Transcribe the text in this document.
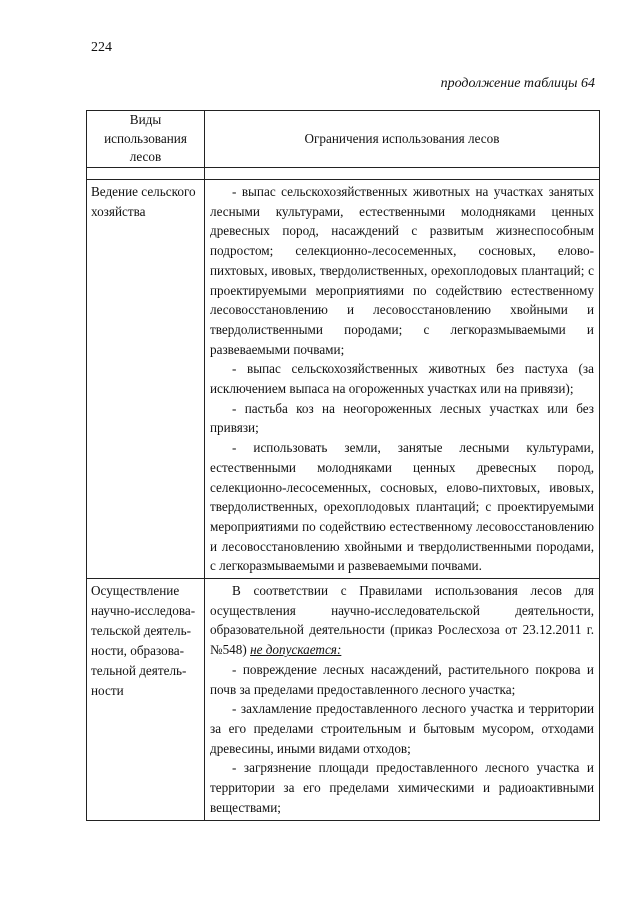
224
продолжение таблицы 64
Виды использования лесов	Ограничения использования лесов

Ведение сельского хозяйства	- выпас сельскохозяйственных животных на участках занятых лесными культурами, естественными молодняками ценных древесных пород, насаждений с развитым жизнеспособным подростом; селекционно-лесосеменных, сосновых, елово-пихтовых, ивовых, твердолиственных, орехоплодовых плантаций; с проектируемыми мероприятиями по содействию естественному лесовосстановлению и лесовосстановлению хвойными и твердолиственными породами; с легкоразмываемыми и развеваемыми почвами;

- выпас сельскохозяйственных животных без пастуха (за исключением выпаса на огороженных участках или на привязи);

- пастьба коз на неогороженных лесных участках или без привязи;

- использовать земли, занятые лесными культурами, естественными молодняками ценных древесных пород, селекционно-лесосеменных, сосновых, елово-пихтовых, ивовых, твердолиственных, орехоплодовых плантаций; с проектируемыми мероприятиями по содействию естественному лесовосстановлению и лесовосстановлению хвойными и твердолиственными породами, с легкоразмываемыми и развеваемыми почвами.

Осуществление научно-исследова-тельской деятель-ности, образова-тельной деятель-ности	В соответствии с Правилами использования лесов для осуществления научно-исследовательской деятельности, образовательной деятельности (приказ Рослесхоза от 23.12.2011 г. №548) не допускается:

- повреждение лесных насаждений, растительного покрова и почв за пределами предоставленного лесного участка;

- захламление предоставленного лесного участка и территории за его пределами строительным и бытовым мусором, отходами древесины, иными видами отходов;

- загрязнение площади предоставленного лесного участка и территории за его пределами химическими и радиоактивными веществами;
